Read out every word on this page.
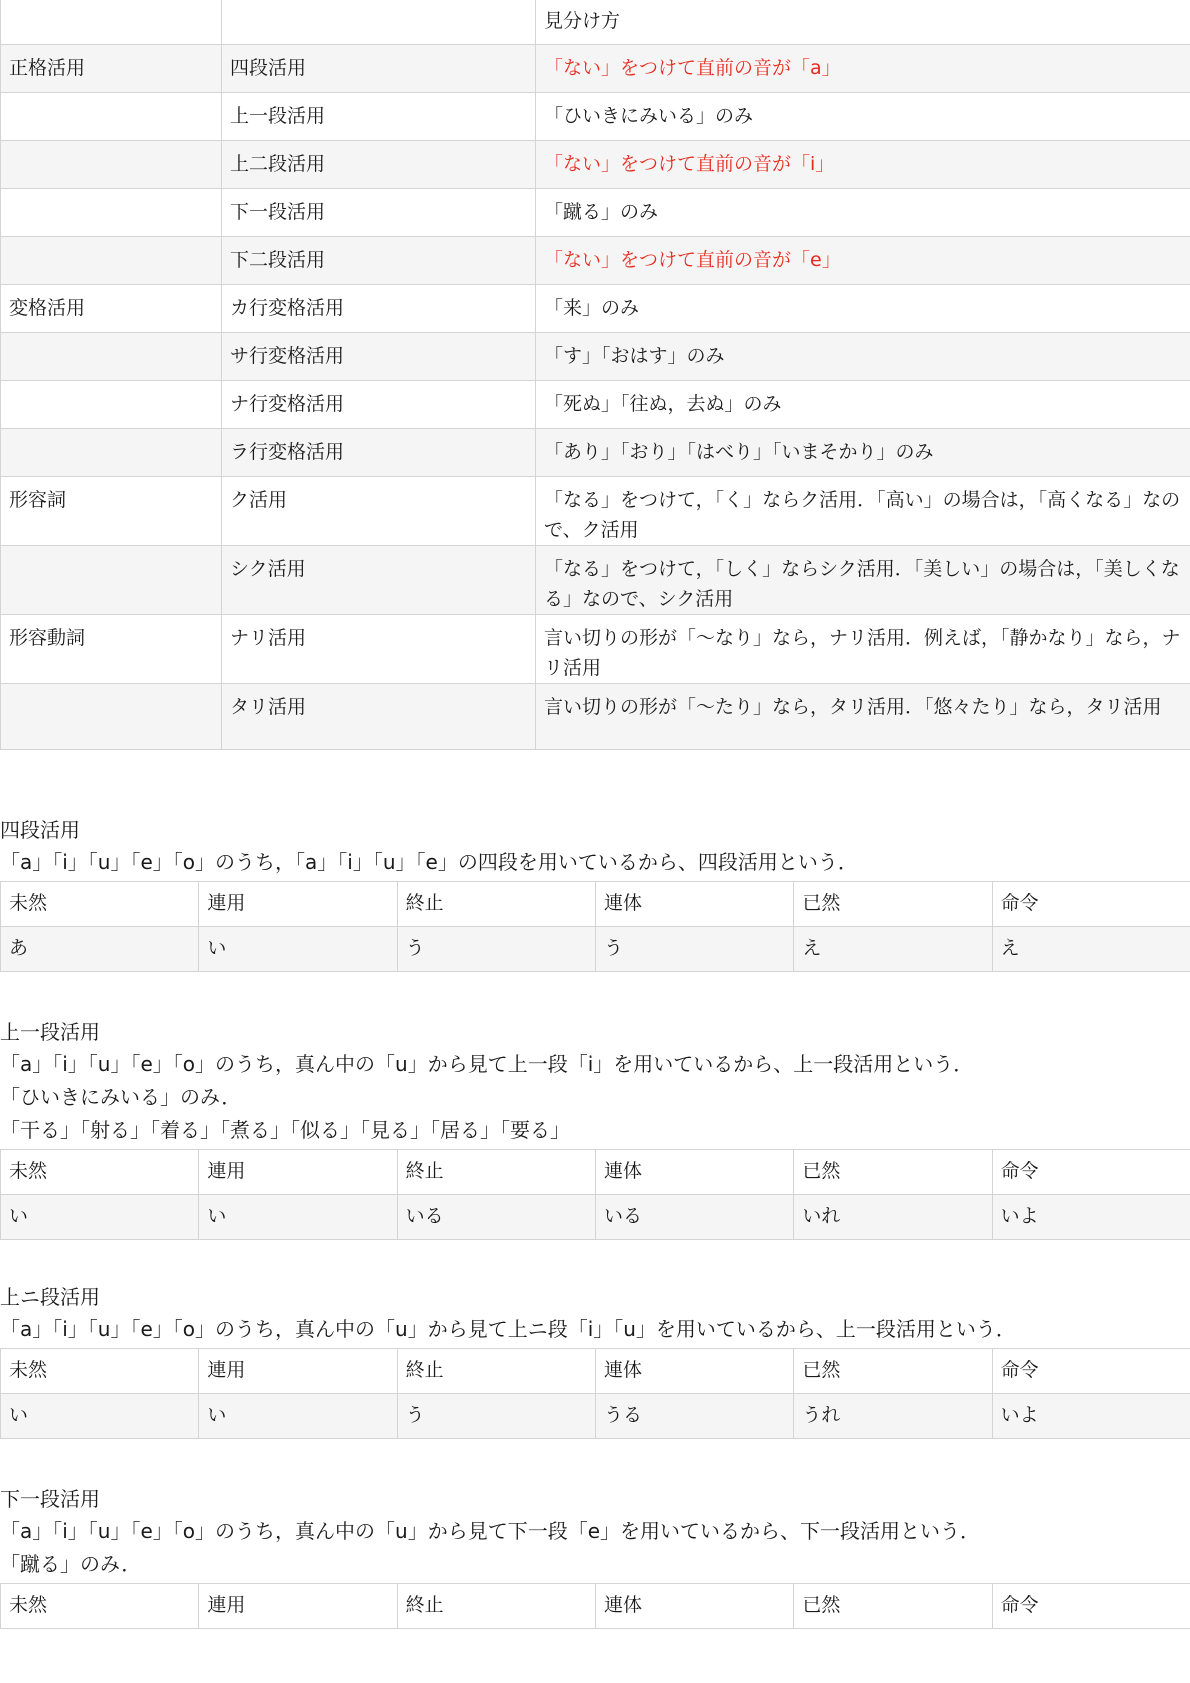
		見分け方
正格活用	四段活用	「ない」をつけて直前の音が「a」
	上一段活用	「ひいきにみいる」のみ
	上二段活用	「ない」をつけて直前の音が「i」
	下一段活用	「蹴る」のみ
	下二段活用	「ない」をつけて直前の音が「e」
変格活用	カ行変格活用	「来」のみ
	サ行変格活用	「す」「おはす」のみ
	ナ行変格活用	「死ぬ」「往ぬ，去ぬ」のみ
	ラ行変格活用	「あり」「おり」「はべり」「いまそかり」のみ
形容詞	ク活用	「なる」をつけて，「く」ならク活用．「高い」の場合は，「高くなる」なので、ク活用
	シク活用	「なる」をつけて，「しく」ならシク活用．「美しい」の場合は，「美しくなる」なので、シク活用
形容動詞	ナリ活用	言い切りの形が「〜なり」なら，ナリ活用．例えば，「静かなり」なら，ナリ活用
	タリ活用	言い切りの形が「〜たり」なら，タリ活用．「悠々たり」なら，タリ活用
四段活用

「a」「i」「u」「e」「o」のうち，「a」「i」「u」「e」の四段を用いているから、四段活用という．

未然	連用	終止	連体	已然	命令
あ	い	う	う	え	え
上一段活用

「a」「i」「u」「e」「o」のうち，真ん中の「u」から見て上一段「i」を用いているから、上一段活用という．

「ひいきにみいる」のみ．

「干る」「射る」「着る」「煮る」「似る」「見る」「居る」「要る」

未然	連用	終止	連体	已然	命令
い	い	いる	いる	いれ	いよ
上ニ段活用

「a」「i」「u」「e」「o」のうち，真ん中の「u」から見て上ニ段「i」「u」を用いているから、上一段活用という．

未然	連用	終止	連体	已然	命令
い	い	う	うる	うれ	いよ
下一段活用

「a」「i」「u」「e」「o」のうち，真ん中の「u」から見て下一段「e」を用いているから、下一段活用という．

「蹴る」のみ．

未然	連用	終止	連体	已然	命令
